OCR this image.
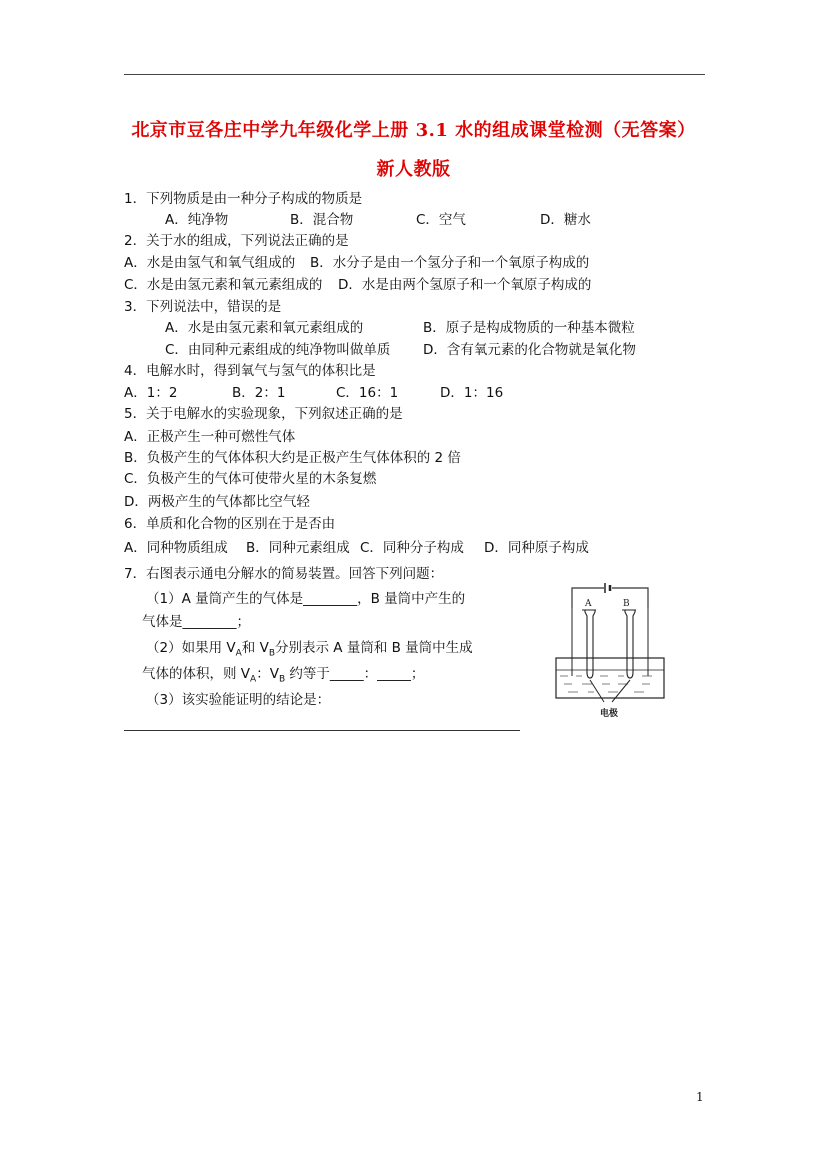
北京市豆各庄中学九年级化学上册 3.1 水的组成课堂检测（无答案）
新人教版
1．下列物质是由一种分子构成的物质是
A．纯净物	B．混合物	C．空气	D．糖水
2．关于水的组成，下列说法正确的是
A．水是由氢气和氧气组成的 B．水分子是由一个氢分子和一个氧原子构成的
C．水是由氢元素和氧元素组成的 D．水是由两个氢原子和一个氧原子构成的
3．下列说法中，错误的是
A．水是由氢元素和氧元素组成的	B．原子是构成物质的一种基本微粒
C．由同种元素组成的纯净物叫做单质 D．含有氧元素的化合物就是氧化物
4．电解水时，得到氧气与氢气的体积比是
A．1：2	B．2：1	C．16：1	D．1：16
5．关于电解水的实验现象，下列叙述正确的是
A．正极产生一种可燃性气体
B．负极产生的气体体积大约是正极产生气体体积的 2 倍
C．负极产生的气体可使带火星的木条复燃
D．两极产生的气体都比空气轻
6．单质和化合物的区别在于是否由
A．同种物质组成 B．同种元素组成 C．同种分子构成 D．同种原子构成
7．右图表示通电分解水的简易装置。回答下列问题：
（1）A 量筒产生的气体是________，B 量筒中产生的
气体是________；
（2）如果用 $V_A$和 $V_B$分别表示 A 量筒和 B 量筒中生成
气体的体积，则 $V_A$：$V_B$ 约等于_____：_____；
（3）该实验能证明的结论是：
A	B
电极
1
